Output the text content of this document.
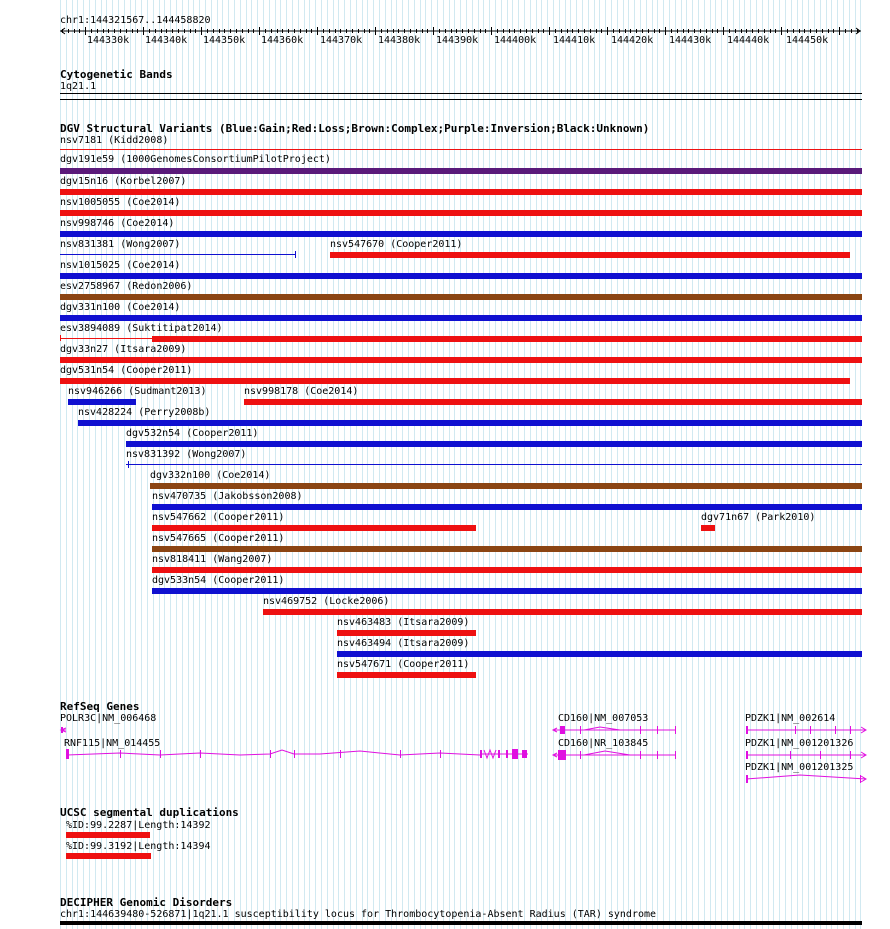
chr1:144321567..144458820
144330k 144340k 144350k 144360k 144370k 144380k 144390k 144400k 144410k 144420k 144430k 144440k 144450k
Cytogenetic Bands
1q21.1
DGV Structural Variants (Blue:Gain;Red:Loss;Brown:Complex;Purple:Inversion;Black:Unknown)
nsv7181 (Kidd2008)
dgv191e59 (1000GenomesConsortiumPilotProject)
dgv15n16 (Korbel2007)
nsv1005055 (Coe2014)
nsv998746 (Coe2014)
nsv831381 (Wong2007)	nsv547670 (Cooper2011)
nsv1015025 (Coe2014)
esv2758967 (Redon2006)
dgv331n100 (Coe2014)
esv3894089 (Suktitipat2014)
dgv33n27 (Itsara2009)
dgv531n54 (Cooper2011)
nsv946266 (Sudmant2013)	nsv998178 (Coe2014)
nsv428224 (Perry2008b)
dgv532n54 (Cooper2011)
nsv831392 (Wong2007)
dgv332n100 (Coe2014)
nsv470735 (Jakobsson2008)
nsv547662 (Cooper2011)	dgv71n67 (Park2010)
nsv547665 (Cooper2011)
nsv818411 (Wang2007)
dgv533n54 (Cooper2011)
nsv469752 (Locke2006)
nsv463483 (Itsara2009)
nsv463494 (Itsara2009)
nsv547671 (Cooper2011)
RefSeq Genes
POLR3C|NM_006468
RNF115|NM_014455
CD160|NM_007053
CD160|NR_103845
PDZK1|NM_002614
PDZK1|NM_001201326
PDZK1|NM_001201325
UCSC segmental duplications
%ID:99.2287|Length:14392
%ID:99.3192|Length:14394
DECIPHER Genomic Disorders
chr1:144639480-526871|1q21.1 susceptibility locus for Thrombocytopenia-Absent Radius (TAR) syndrome
